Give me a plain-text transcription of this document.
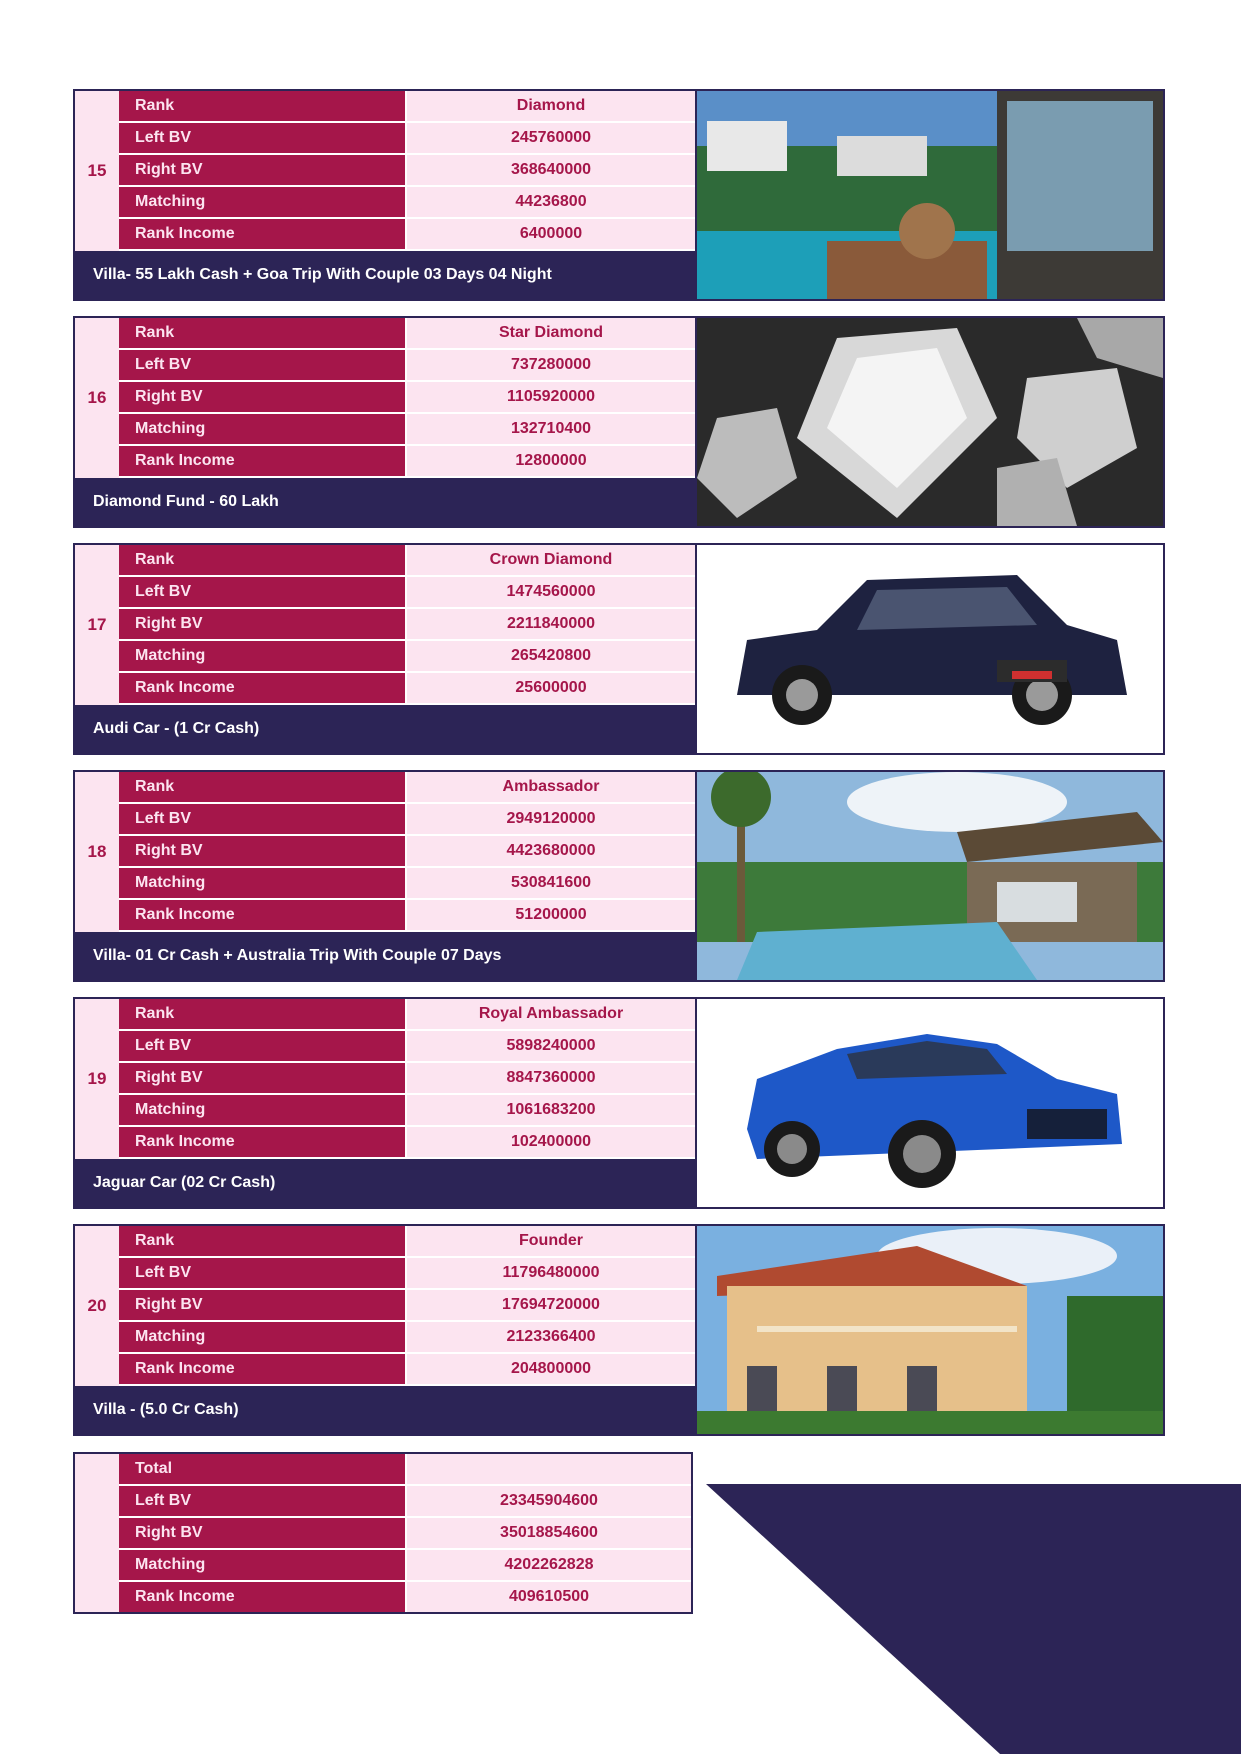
15
Rank	Diamond
Left BV	245760000
Right BV	368640000
Matching	44236800
Rank Income	6400000
Villa- 55 Lakh Cash + Goa Trip With Couple 03 Days 04 Night
16
Rank	Star Diamond
Left BV	737280000
Right BV	1105920000
Matching	132710400
Rank Income	12800000
Diamond Fund - 60 Lakh
17
Rank	Crown Diamond
Left BV	1474560000
Right BV	2211840000
Matching	265420800
Rank Income	25600000
Audi Car - (1 Cr Cash)
18
Rank	Ambassador
Left BV	2949120000
Right BV	4423680000
Matching	530841600
Rank Income	51200000
Villa- 01 Cr Cash + Australia Trip With Couple 07 Days
19
Rank	Royal Ambassador
Left BV	5898240000
Right BV	8847360000
Matching	1061683200
Rank Income	102400000
Jaguar Car (02 Cr Cash)
20
Rank	Founder
Left BV	11796480000
Right BV	17694720000
Matching	2123366400
Rank Income	204800000
Villa - (5.0 Cr Cash)
Total
Left BV	23345904600
Right BV	35018854600
Matching	4202262828
Rank Income	409610500
